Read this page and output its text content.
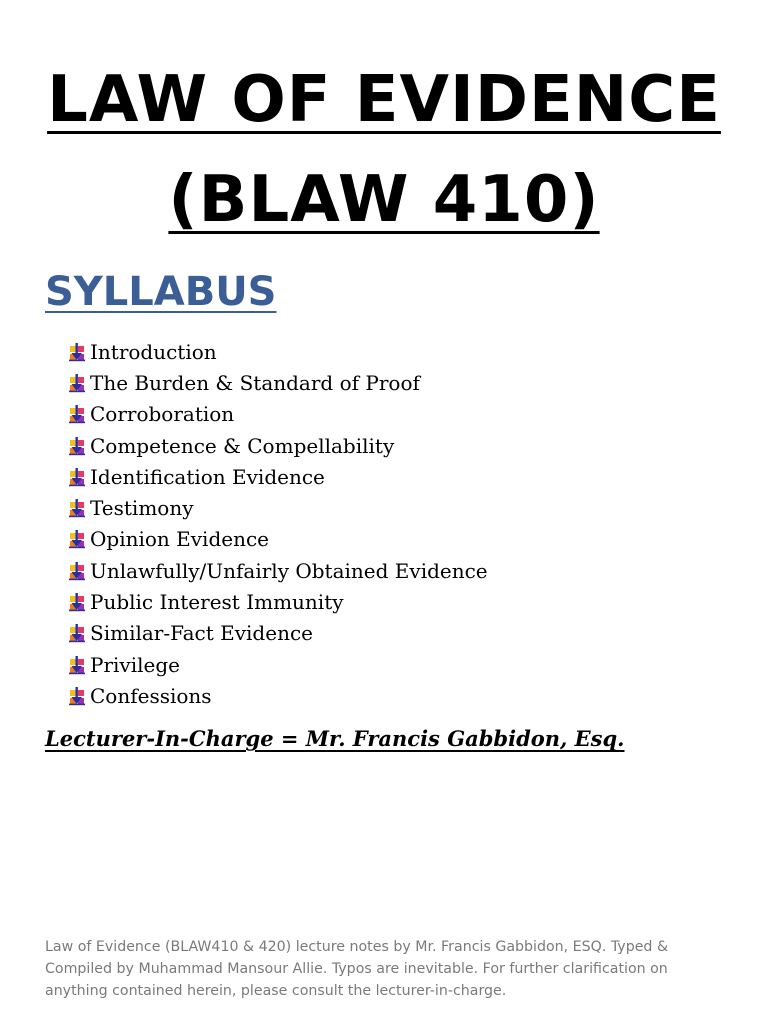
LAW OF EVIDENCE
(BLAW 410)
SYLLABUS
Introduction
The Burden & Standard of Proof
Corroboration
Competence & Compellability
Identification Evidence
Testimony
Opinion Evidence
Unlawfully/Unfairly Obtained Evidence
Public Interest Immunity
Similar-Fact Evidence
Privilege
Confessions
Lecturer-In-Charge = Mr. Francis Gabbidon, Esq.
Law of Evidence (BLAW410 & 420) lecture notes by Mr. Francis Gabbidon, ESQ. Typed & Compiled by Muhammad Mansour Allie. Typos are inevitable. For further clarification on anything contained herein, please consult the lecturer-in-charge.
